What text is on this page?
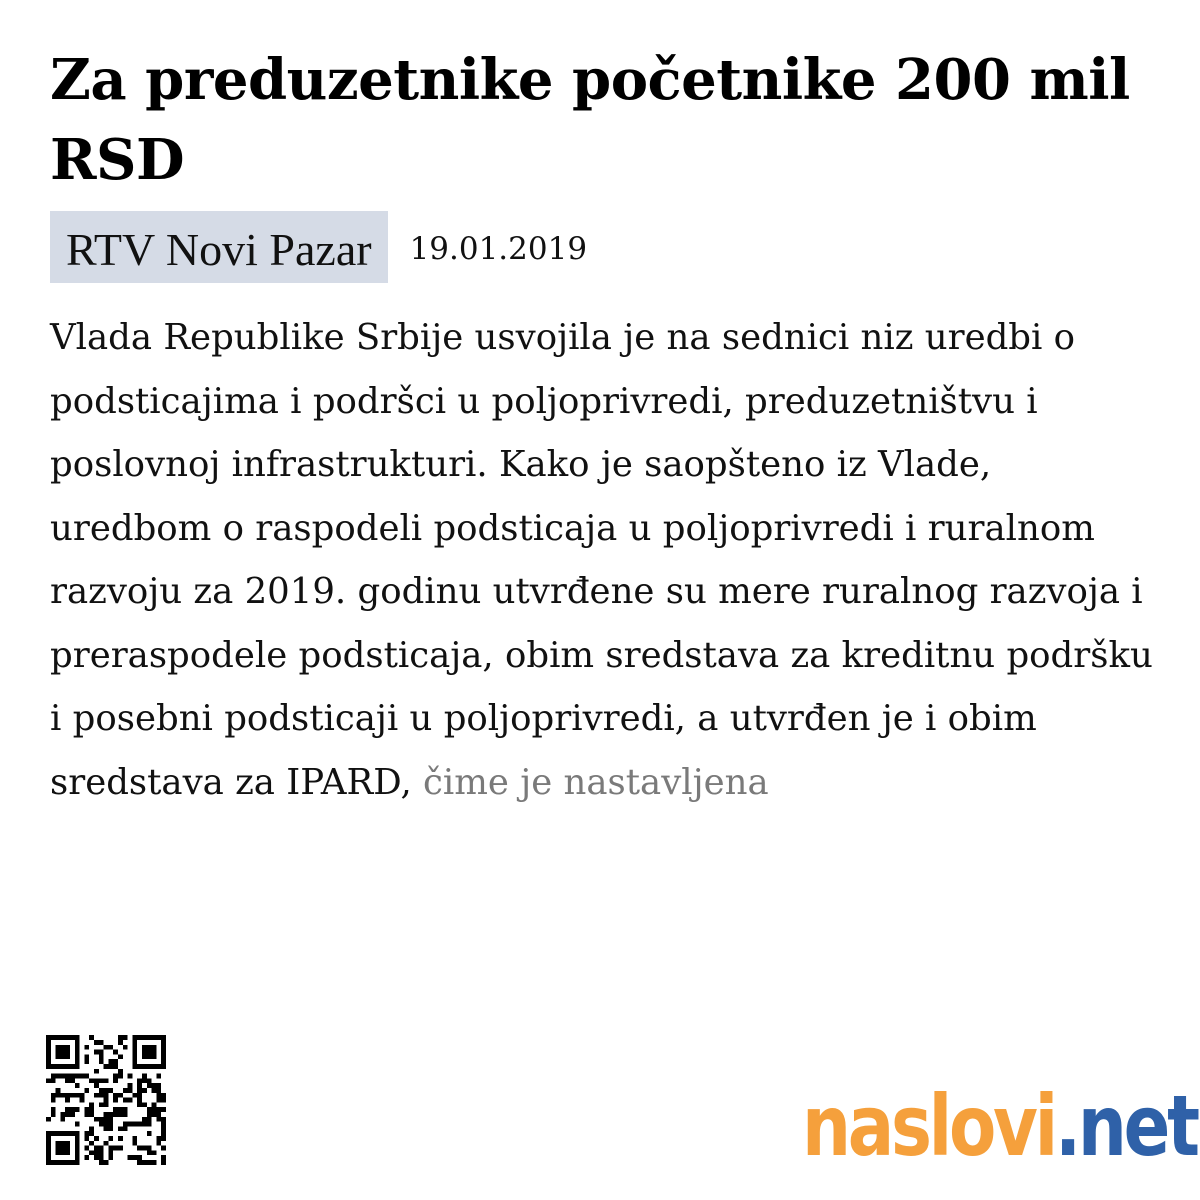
Za preduzetnike početnike 200 mil RSD
RTV Novi Pazar	19.01.2019

Vlada Republike Srbije usvojila je na sednici niz uredbi o podsticajima i podršci u poljoprivredi, preduzetništvu i poslovnoj infrastrukturi. Kako je saopšteno iz Vlade, uredbom o raspodeli podsticaja u poljoprivredi i ruralnom razvoju za 2019. godinu utvrđene su mere ruralnog razvoja i preraspodele podsticaja, obim sredstava za kreditnu podršku i posebni podsticaji u poljoprivredi, a utvrđen je i obim sredstava za IPARD, čime je nastavljena

naslovi .net
